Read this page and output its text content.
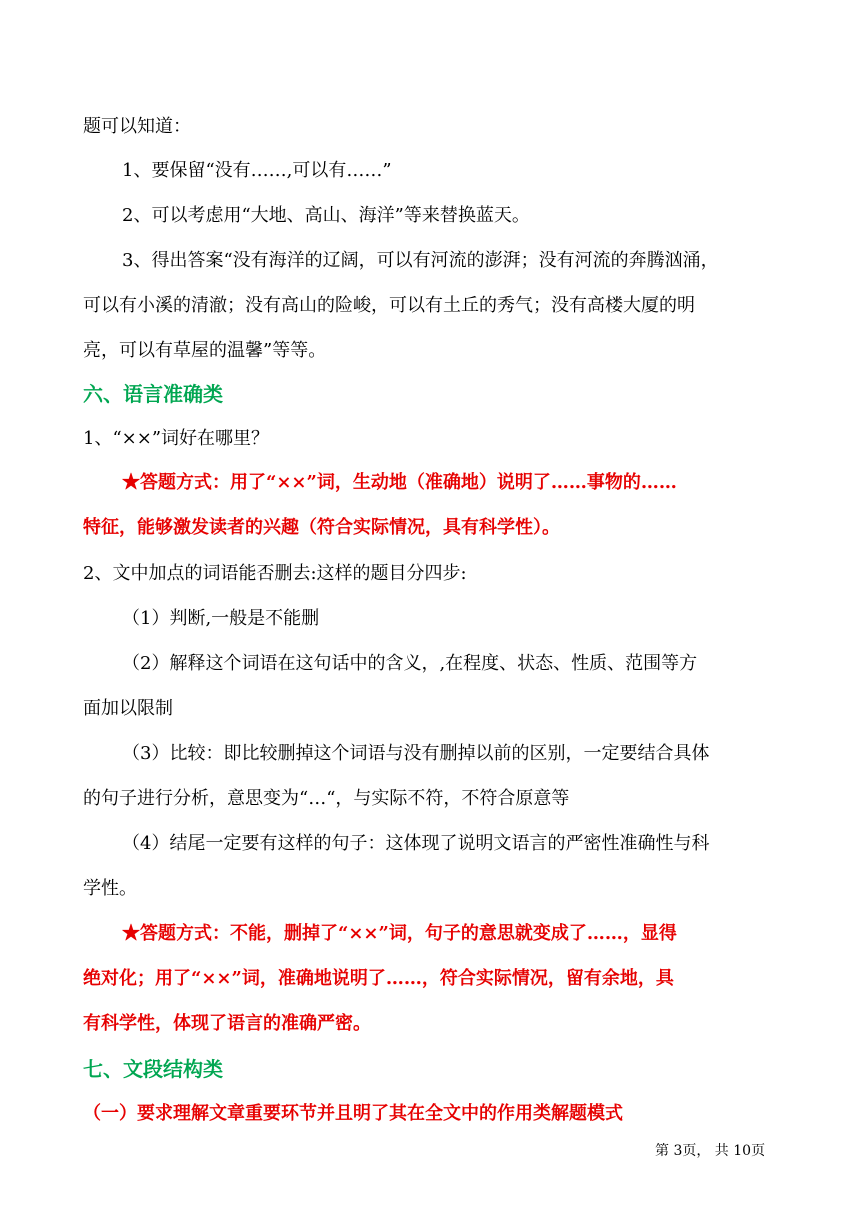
题可以知道：
1、要保留“没有……,可以有……”
2、可以考虑用“大地、高山、海洋”等来替换蓝天。
3、得出答案“没有海洋的辽阔，可以有河流的澎湃；没有河流的奔腾汹涌，
可以有小溪的清澈；没有高山的险峻，可以有土丘的秀气；没有高楼大厦的明
亮，可以有草屋的温馨”等等。
六、语言准确类
1、“××”词好在哪里？
★答题方式：用了“××”词，生动地（准确地）说明了……事物的……
特征，能够激发读者的兴趣（符合实际情况，具有科学性）。
2、文中加点的词语能否删去:这样的题目分四步:
（1）判断,一般是不能删
（2）解释这个词语在这句话中的含义，,在程度、状态、性质、范围等方
面加以限制
（3）比较：即比较删掉这个词语与没有删掉以前的区别，一定要结合具体
的句子进行分析，意思变为“…“，与实际不符，不符合原意等
（4）结尾一定要有这样的句子：这体现了说明文语言的严密性准确性与科
学性。
★答题方式：不能，删掉了“××”词，句子的意思就变成了……，显得
绝对化；用了“××”词，准确地说明了……，符合实际情况，留有余地，具
有科学性，体现了语言的准确严密。
七、文段结构类
（一）要求理解文章重要环节并且明了其在全文中的作用类解题模式
第 3页， 共 10页
